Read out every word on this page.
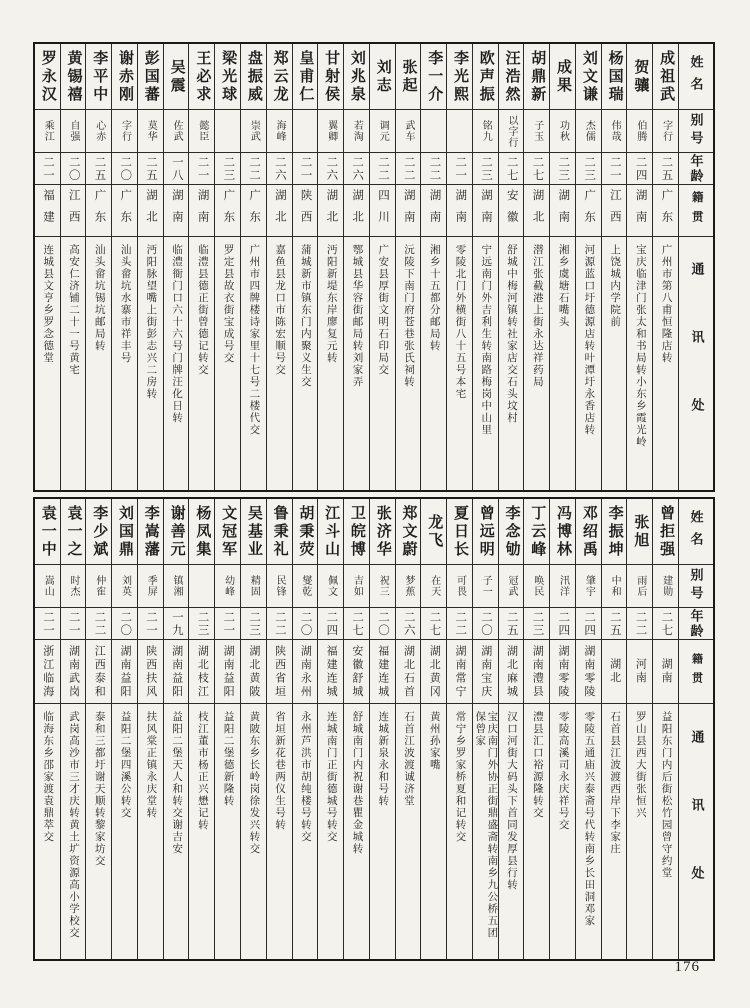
姓名
别号
年龄
籍贯
通讯处
成祖武
字行
二五
广东
广州市第八甫恒隆店转
贺骧
伯腾
二四
湖南
宝庆临津门张太和书局转小东乡霞光岭
杨国瑞
伟哉
二一
江西
上饶城内学院前
刘文谦
杰儒
二三
广东
河源蓝口圩德源店转叶潭圩永香店转
成果
功秋
二三
湖南
湘乡虞塘石嘴头
胡鼎新
子玉
二七
湖北
潜江张截港上街永达祥药局
汪浩然
以字行
二七
安徽
舒城中梅河镇转社家店交石头坟村
欧声振
铭九
二三
湖南
宁远南门外吉利生转南路梅岗中山里
李光熙
二一
湖南
零陵北门外横街八十五号本宅
李一介
二二
湖南
湘乡十五都分邮局转
张起
武车
二二
湖南
沅陵下南门府苍巷张氏祠转
刘志
调元
二二
四川
广安县厚街文明石印局交
刘兆泉
若淘
二六
湖北
鄂城县华容街邮局转刘家弄
甘射侯
翼卿
二六
湖北
沔阳新堤东岸廖复元转
皇甫仁
二一
陕西
蒲城新市镇东门内聚义生交
郑云龙
海峰
二六
湖北
嘉鱼县龙口市陈宏顺号交
盘振威
崇武
二二
广东
广州市四牌楼诗家里十七号二楼代交
梁光球
二三
广东
罗定县故衣街宝成号交
王必求
懿臣
二一
湖南
临澧县德正街曾德记转交
吴震
佐武
一八
湖南
临澧衙门口六十六号门牌汪化日转
彭国蕃
莫华
二五
湖北
沔阳脉望嘴上街彭志兴二房转
谢赤刚
字行
二〇
广东
汕头畲坑水寨市祥丰号
李平中
心赤
二五
广东
汕头畲坑锡坑邮局转
黄锡禧
自强
二〇
江西
高安仁济铺二十一号黄宅
罗永汉
乘江
二一
福建
连城县文亨乡罗念德堂
姓名
别号
年龄
籍贯
通讯处
曾拒强
建勋
二七
湖南
益阳东门内后街松竹园曾守约堂
张旭
雨后
二二
河南
罗山县西大街张恒兴
李振坤
中和
二五
湖北
石首县江波渡西岸下李家庄
邓绍禹
肇宇
二四
湖南零陵
零陵五通庙兴泰斋号代转南乡长田洞邓家
冯博林
汛洋
二四
湖南零陵
零陵高溪司永庆祥号交
丁云峰
唤民
二三
湖南澧县
澧县汇口裕源隆转交
李念劬
冠武
二五
湖北麻城
汉口河街大码头下首同发厚县行转
曾远明
子一
二〇
湖南宝庆
宝庆南门外协正街鼎盛斋转南乡九公桥五团保曾家
夏日长
可畏
二二
湖南常宁
常宁乡罗家桥夏和记转交
龙飞
在天
二七
湖北黄冈
黄州孙家嘴
郑文蔚
梦蕉
二六
湖北石首
石首江波渡诚济堂
张济华
祝三
二〇
福建连城
连城新泉永和号转
卫皖博
吉如
二七
安徽舒城
舒城南门内祝谢巷瞿金城转
江斗山
佩文
二四
福建连城
连城南门正街德城号转交
胡秉荧
燮乾
二〇
湖南永州
永州芦洪市胡纯楼号转交
鲁秉礼
民锋
二二
陕西省垣
省垣新花巷两仪生号转
吴基业
精固
二三
湖北黄陂
黄陂东乡长岭岗徐发兴转交
文冠军
幼峰
二一
湖南益阳
益阳二堡德新隆转
杨凤集
二三
湖北枝江
枝江董市杨正兴懋记转
谢善元
镇湘
一九
湖南益阳
益阳二堡天人和转交谢吉安
李嵩藩
季屏
二一
陕西扶风
扶风棠正镇永庆堂转
刘国鼎
刘英
二〇
湖南益阳
益阳二堡四溪公转交
李少斌
仲隺
二二
江西泰和
泰和三都圩谢天顺转黎家坊交
袁一之
时杰
二一
湖南武岗
武岗高沙市三才庆转黄土圹资源高小学校交
袁一中
嵩山
二一
浙江临海
临海东乡邵家渡袁鼎萃交
176
